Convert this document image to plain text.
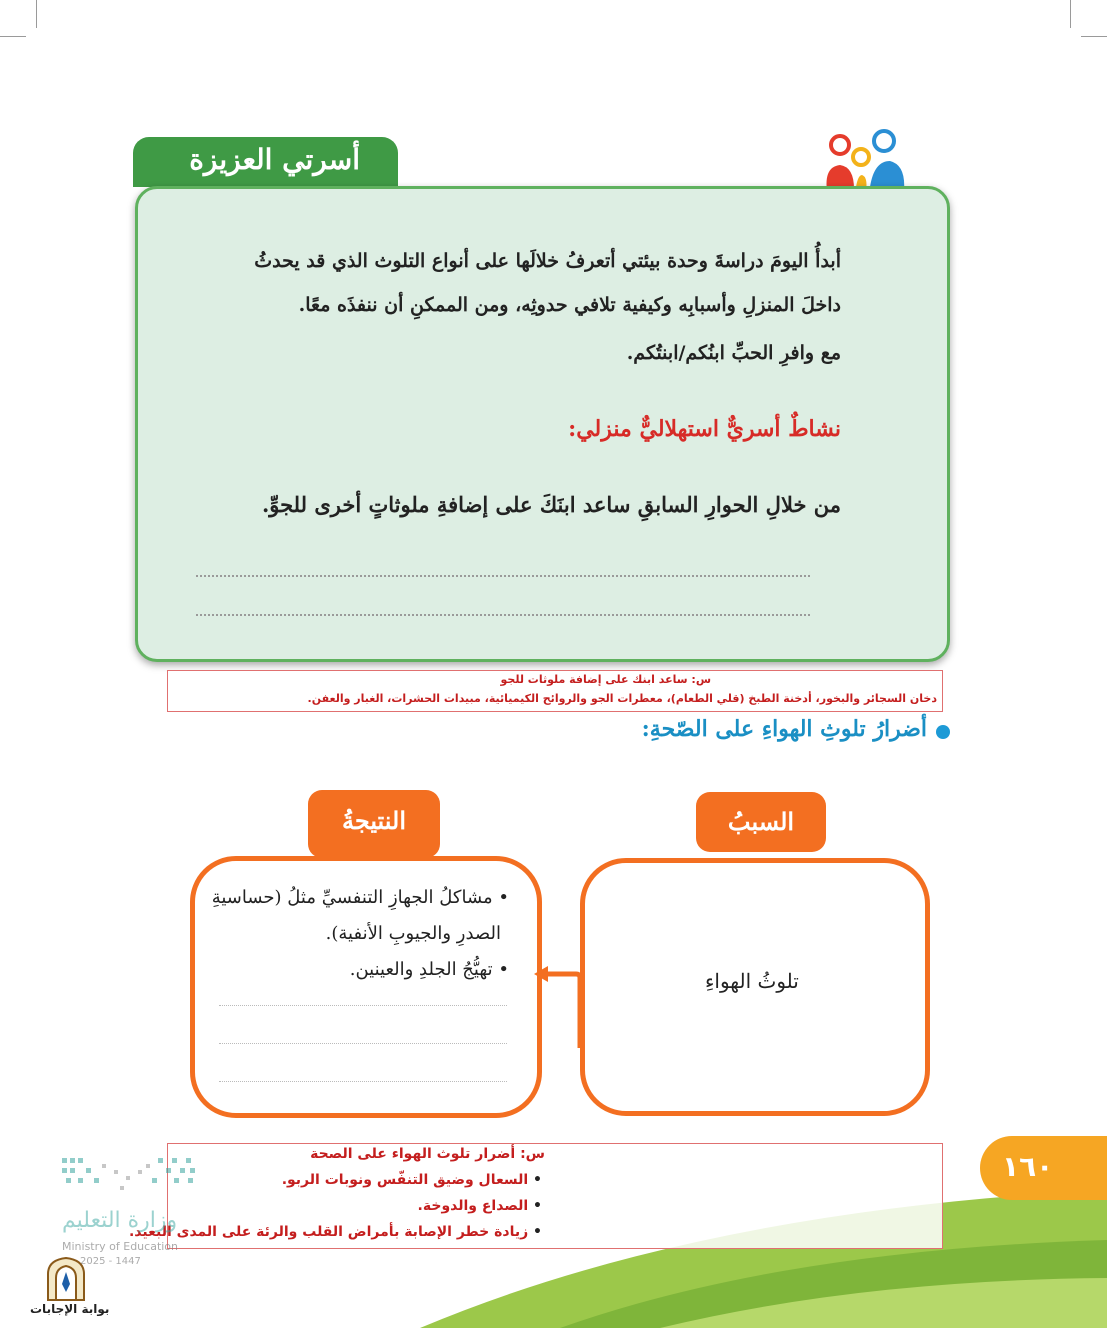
أسرتي العزيزة
أبدأُ اليومَ دراسةَ وحدة بيئتي أتعرفُ خلالَها على أنواع التلوث الذي قد يحدثُ
داخلَ المنزلِ وأسبابِه وكيفية تلافي حدوثِه، ومن الممكنِ أن ننفذَه معًا.
مع وافرِ الحبِّ ابنُكم/ابنتُكم.
نشاطٌ أسريٌّ استهلاليٌّ منزلي:
من خلالِ الحوارِ السابقِ ساعد ابنَكَ على إضافةِ ملوثاتٍ أخرى للجوِّ.
س: ساعد ابنك على إضافة ملوثات للجو
دخان السجائر والبخور، أدخنة الطبخ (قلي الطعام)، معطرات الجو والروائح الكيميائية، مبيدات الحشرات، الغبار والعفن.
أضرارُ تلوثِ الهواءِ على الصّحةِ:
السببُ
النتيجةُ
تلوثُ الهواءِ
• مشاكلُ الجهازِ التنفسيِّ مثلُ (حساسيةِ
الصدرِ والجيوبِ الأنفية).
• تهيُّجُ الجلدِ والعينين.
س: أضرار تلوث الهواء على الصحة
• السعال وضيق التنفّس ونوبات الربو.
• الصداع والدوخة.
• زيادة خطر الإصابة بأمراض القلب والرئة على المدى البعيد.
١٦٠
وزارة التعليم
Ministry of Education
2025 - 1447
بوابة الإجابات
